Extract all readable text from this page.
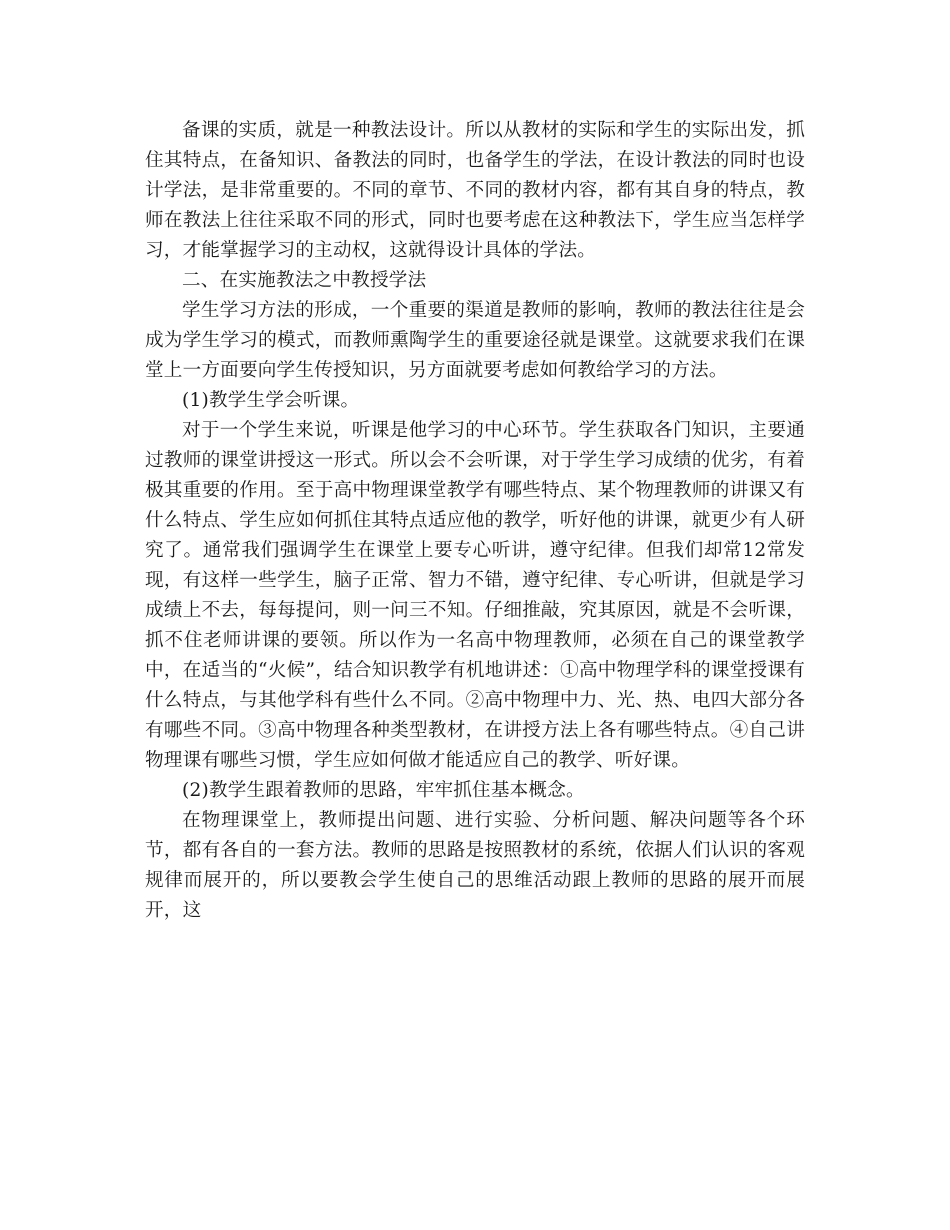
备课的实质，就是一种教法设计。所以从教材的实际和学生的实际出发，抓住其特点，在备知识、备教法的同时，也备学生的学法，在设计教法的同时也设计学法，是非常重要的。不同的章节、不同的教材内容，都有其自身的特点，教师在教法上往往采取不同的形式，同时也要考虑在这种教法下，学生应当怎样学习，才能掌握学习的主动权，这就得设计具体的学法。

二、在实施教法之中教授学法

学生学习方法的形成，一个重要的渠道是教师的影响，教师的教法往往是会成为学生学习的模式，而教师熏陶学生的重要途径就是课堂。这就要求我们在课堂上一方面要向学生传授知识，另方面就要考虑如何教给学习的方法。

(1)教学生学会听课。

对于一个学生来说，听课是他学习的中心环节。学生获取各门知识，主要通过教师的课堂讲授这一形式。所以会不会听课，对于学生学习成绩的优劣，有着极其重要的作用。至于高中物理课堂教学有哪些特点、某个物理教师的讲课又有什么特点、学生应如何抓住其特点适应他的教学，听好他的讲课，就更少有人研究了。通常我们强调学生在课堂上要专心听讲，遵守纪律。但我们却常12常发现，有这样一些学生，脑子正常、智力不错，遵守纪律、专心听讲，但就是学习成绩上不去，每每提问，则一问三不知。仔细推敲，究其原因，就是不会听课，抓不住老师讲课的要领。所以作为一名高中物理教师，必须在自己的课堂教学中，在适当的“火候”，结合知识教学有机地讲述：①高中物理学科的课堂授课有什么特点，与其他学科有些什么不同。②高中物理中力、光、热、电四大部分各有哪些不同。③高中物理各种类型教材，在讲授方法上各有哪些特点。④自己讲物理课有哪些习惯，学生应如何做才能适应自己的教学、听好课。

(2)教学生跟着教师的思路，牢牢抓住基本概念。

在物理课堂上，教师提出问题、进行实验、分析问题、解决问题等各个环节，都有各自的一套方法。教师的思路是按照教材的系统，依据人们认识的客观规律而展开的，所以要教会学生使自己的思维活动跟上教师的思路的展开而展开，这
